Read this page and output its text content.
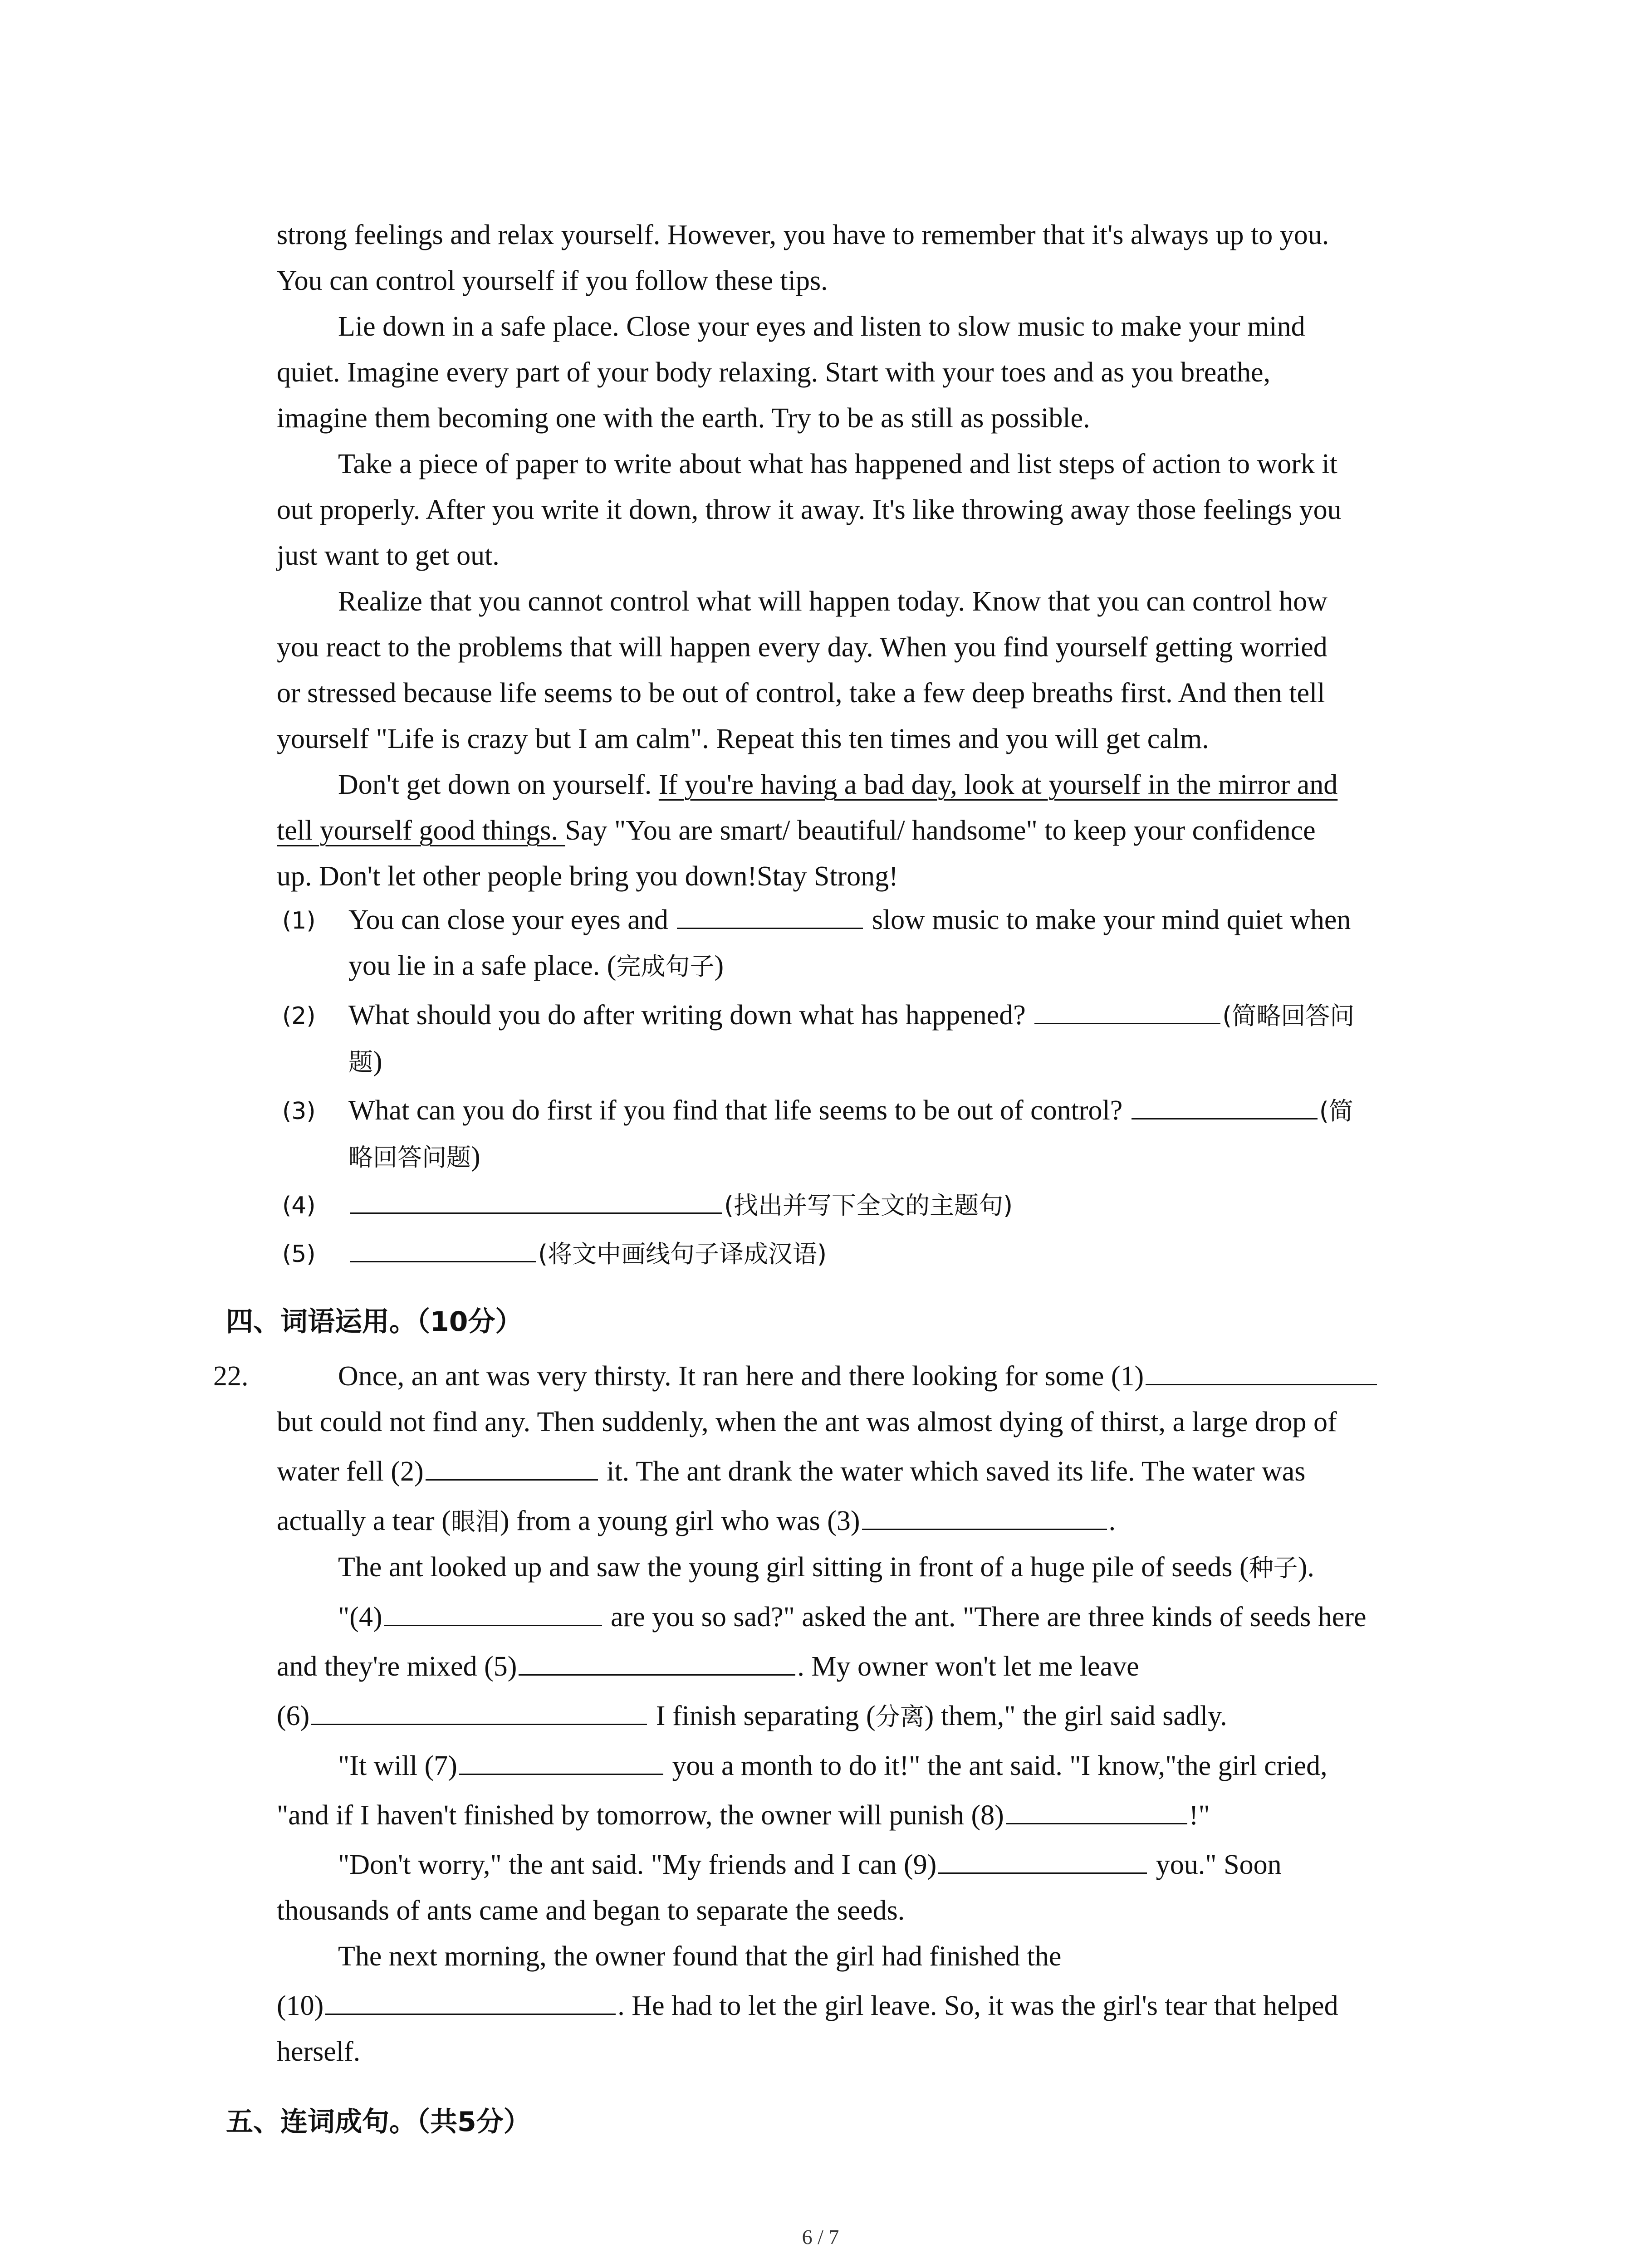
strong feelings and relax yourself. However, you have to remember that it's always up to you.
You can control yourself if you follow these tips.
Lie down in a safe place. Close your eyes and listen to slow music to make your mind
quiet. Imagine every part of your body relaxing. Start with your toes and as you breathe,
imagine them becoming one with the earth. Try to be as still as possible.
Take a piece of paper to write about what has happened and list steps of action to work it
out properly. After you write it down, throw it away. It's like throwing away those feelings you
just want to get out.
Realize that you cannot control what will happen today. Know that you can control how
you react to the problems that will happen every day. When you find yourself getting worried
or stressed because life seems to be out of control, take a few deep breaths first. And then tell
yourself "Life is crazy but I am calm". Repeat this ten times and you will get calm.
Don't get down on yourself. If you're having a bad day, look at yourself in the mirror and
tell yourself good things. Say "You are smart/ beautiful/ handsome" to keep your confidence
up. Don't let other people bring you down!Stay Strong!
(1) You can close your eyes and	slow music to make your mind quiet when
you lie in a safe place. (完成句子)
(2) What should you do after writing down what has happened?	(简略回答问
题)
(3) What can you do first if you find that life seems to be out of control?	(简
略回答问题)
(4)	(找出并写下全文的主题句)
(5)	(将文中画线句子译成汉语)
四、词语运用。（10分）
22.	Once, an ant was very thirsty. It ran here and there looking for some (1)
but could not find any. Then suddenly, when the ant was almost dying of thirst, a large drop of
water fell (2)	it. The ant drank the water which saved its life. The water was
actually a tear (眼泪) from a young girl who was (3)	.
The ant looked up and saw the young girl sitting in front of a huge pile of seeds (种子).
"(4)	are you so sad?" asked the ant. "There are three kinds of seeds here
and they're mixed (5)	. My owner won't let me leave
(6)	I finish separating (分离) them," the girl said sadly.
"It will (7)	you a month to do it!" the ant said. "I know,"the girl cried,
"and if I haven't finished by tomorrow, the owner will punish (8)	!"
"Don't worry," the ant said. "My friends and I can (9)	you." Soon
thousands of ants came and began to separate the seeds.
The next morning, the owner found that the girl had finished the
(10)	. He had to let the girl leave. So, it was the girl's tear that helped
herself.
五、连词成句。（共5分）
6 / 7
